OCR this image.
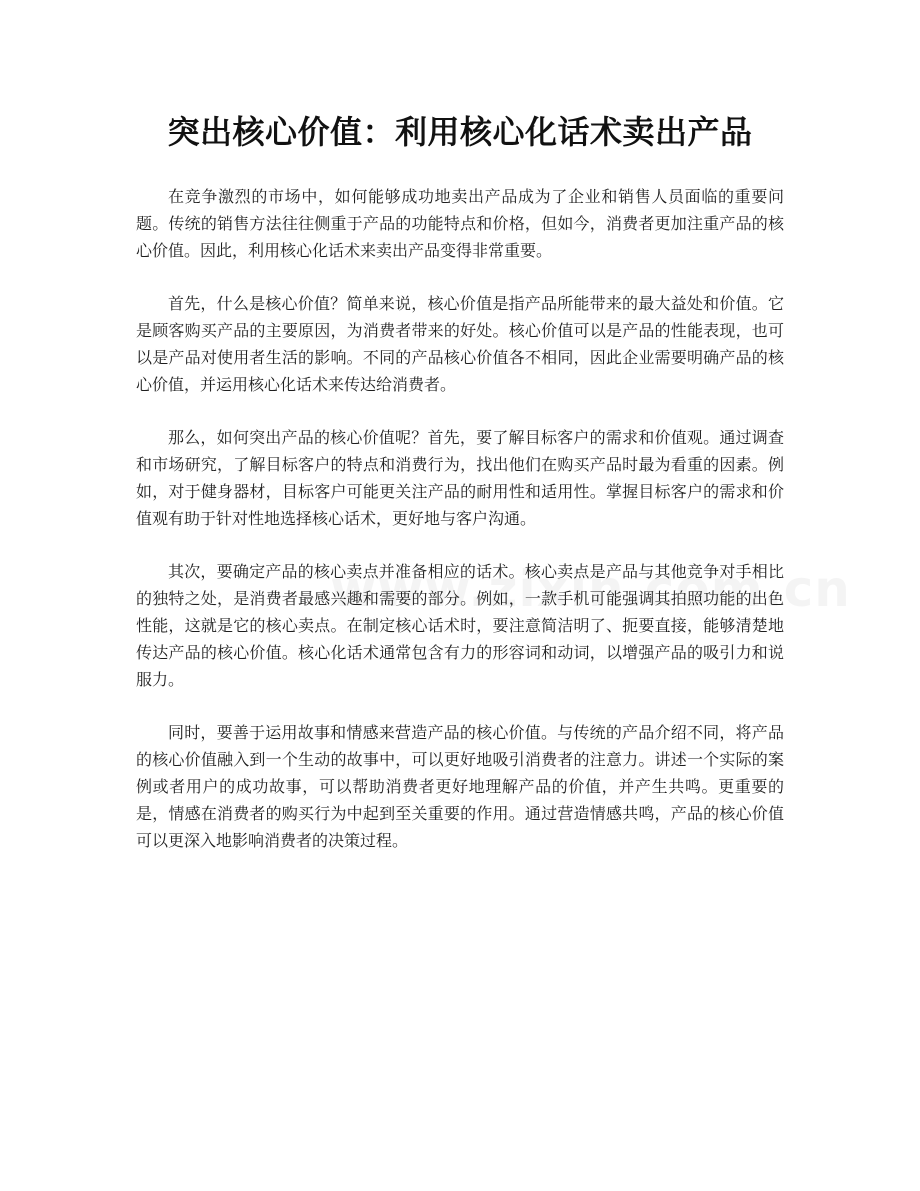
突出核心价值：利用核心化话术卖出产品

在竞争激烈的市场中，如何能够成功地卖出产品成为了企业和销售人员面临的重要问题。传统的销售方法往往侧重于产品的功能特点和价格，但如今，消费者更加注重产品的核心价值。因此，利用核心化话术来卖出产品变得非常重要。

首先，什么是核心价值？简单来说，核心价值是指产品所能带来的最大益处和价值。它是顾客购买产品的主要原因，为消费者带来的好处。核心价值可以是产品的性能表现，也可以是产品对使用者生活的影响。不同的产品核心价值各不相同，因此企业需要明确产品的核心价值，并运用核心化话术来传达给消费者。

那么，如何突出产品的核心价值呢？首先，要了解目标客户的需求和价值观。通过调查和市场研究，了解目标客户的特点和消费行为，找出他们在购买产品时最为看重的因素。例如，对于健身器材，目标客户可能更关注产品的耐用性和适用性。掌握目标客户的需求和价值观有助于针对性地选择核心话术，更好地与客户沟通。

其次，要确定产品的核心卖点并准备相应的话术。核心卖点是产品与其他竞争对手相比的独特之处，是消费者最感兴趣和需要的部分。例如，一款手机可能强调其拍照功能的出色性能，这就是它的核心卖点。在制定核心话术时，要注意简洁明了、扼要直接，能够清楚地传达产品的核心价值。核心化话术通常包含有力的形容词和动词，以增强产品的吸引力和说服力。

同时，要善于运用故事和情感来营造产品的核心价值。与传统的产品介绍不同，将产品的核心价值融入到一个生动的故事中，可以更好地吸引消费者的注意力。讲述一个实际的案例或者用户的成功故事，可以帮助消费者更好地理解产品的价值，并产生共鸣。更重要的是，情感在消费者的购买行为中起到至关重要的作用。通过营造情感共鸣，产品的核心价值可以更深入地影响消费者的决策过程。
